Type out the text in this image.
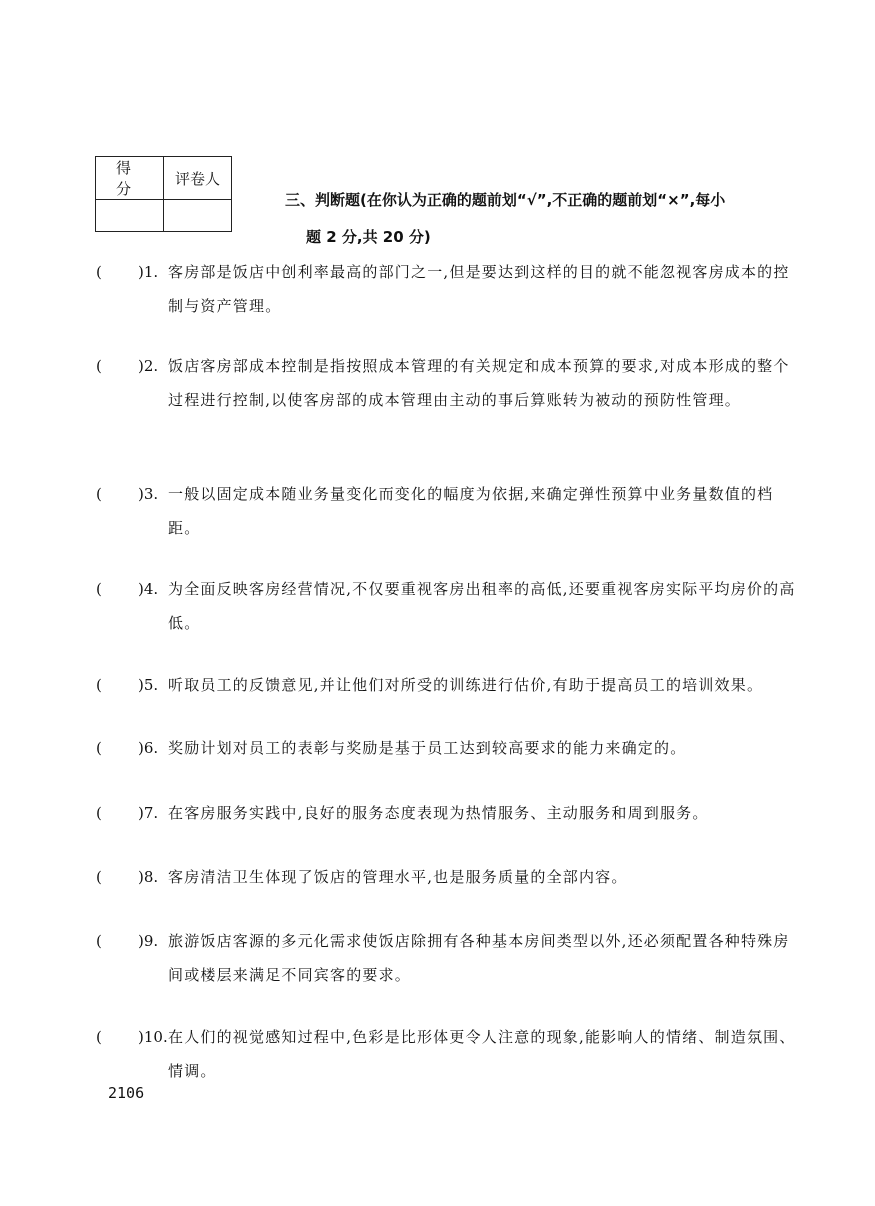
得 分	评卷人

三、判断题(在你认为正确的题前划“√”,不正确的题前划“×”,每小
题 2 分,共 20 分)
( )1. 客房部是饭店中创利率最高的部门之一,但是要达到这样的目的就不能忽视客房成本的控制与资产管理。
( )2. 饭店客房部成本控制是指按照成本管理的有关规定和成本预算的要求,对成本形成的整个过程进行控制,以使客房部的成本管理由主动的事后算账转为被动的预防性管理。
( )3. 一般以固定成本随业务量变化而变化的幅度为依据,来确定弹性预算中业务量数值的档距。
( )4. 为全面反映客房经营情况,不仅要重视客房出租率的高低,还要重视客房实际平均房价的高低。
( )5. 听取员工的反馈意见,并让他们对所受的训练进行估价,有助于提高员工的培训效果。
( )6. 奖励计划对员工的表彰与奖励是基于员工达到较高要求的能力来确定的。
( )7. 在客房服务实践中,良好的服务态度表现为热情服务、主动服务和周到服务。
( )8. 客房清洁卫生体现了饭店的管理水平,也是服务质量的全部内容。
( )9. 旅游饭店客源的多元化需求使饭店除拥有各种基本房间类型以外,还必须配置各种特殊房间或楼层来满足不同宾客的要求。
( )10. 在人们的视觉感知过程中,色彩是比形体更令人注意的现象,能影响人的情绪、制造氛围、情调。
2106
